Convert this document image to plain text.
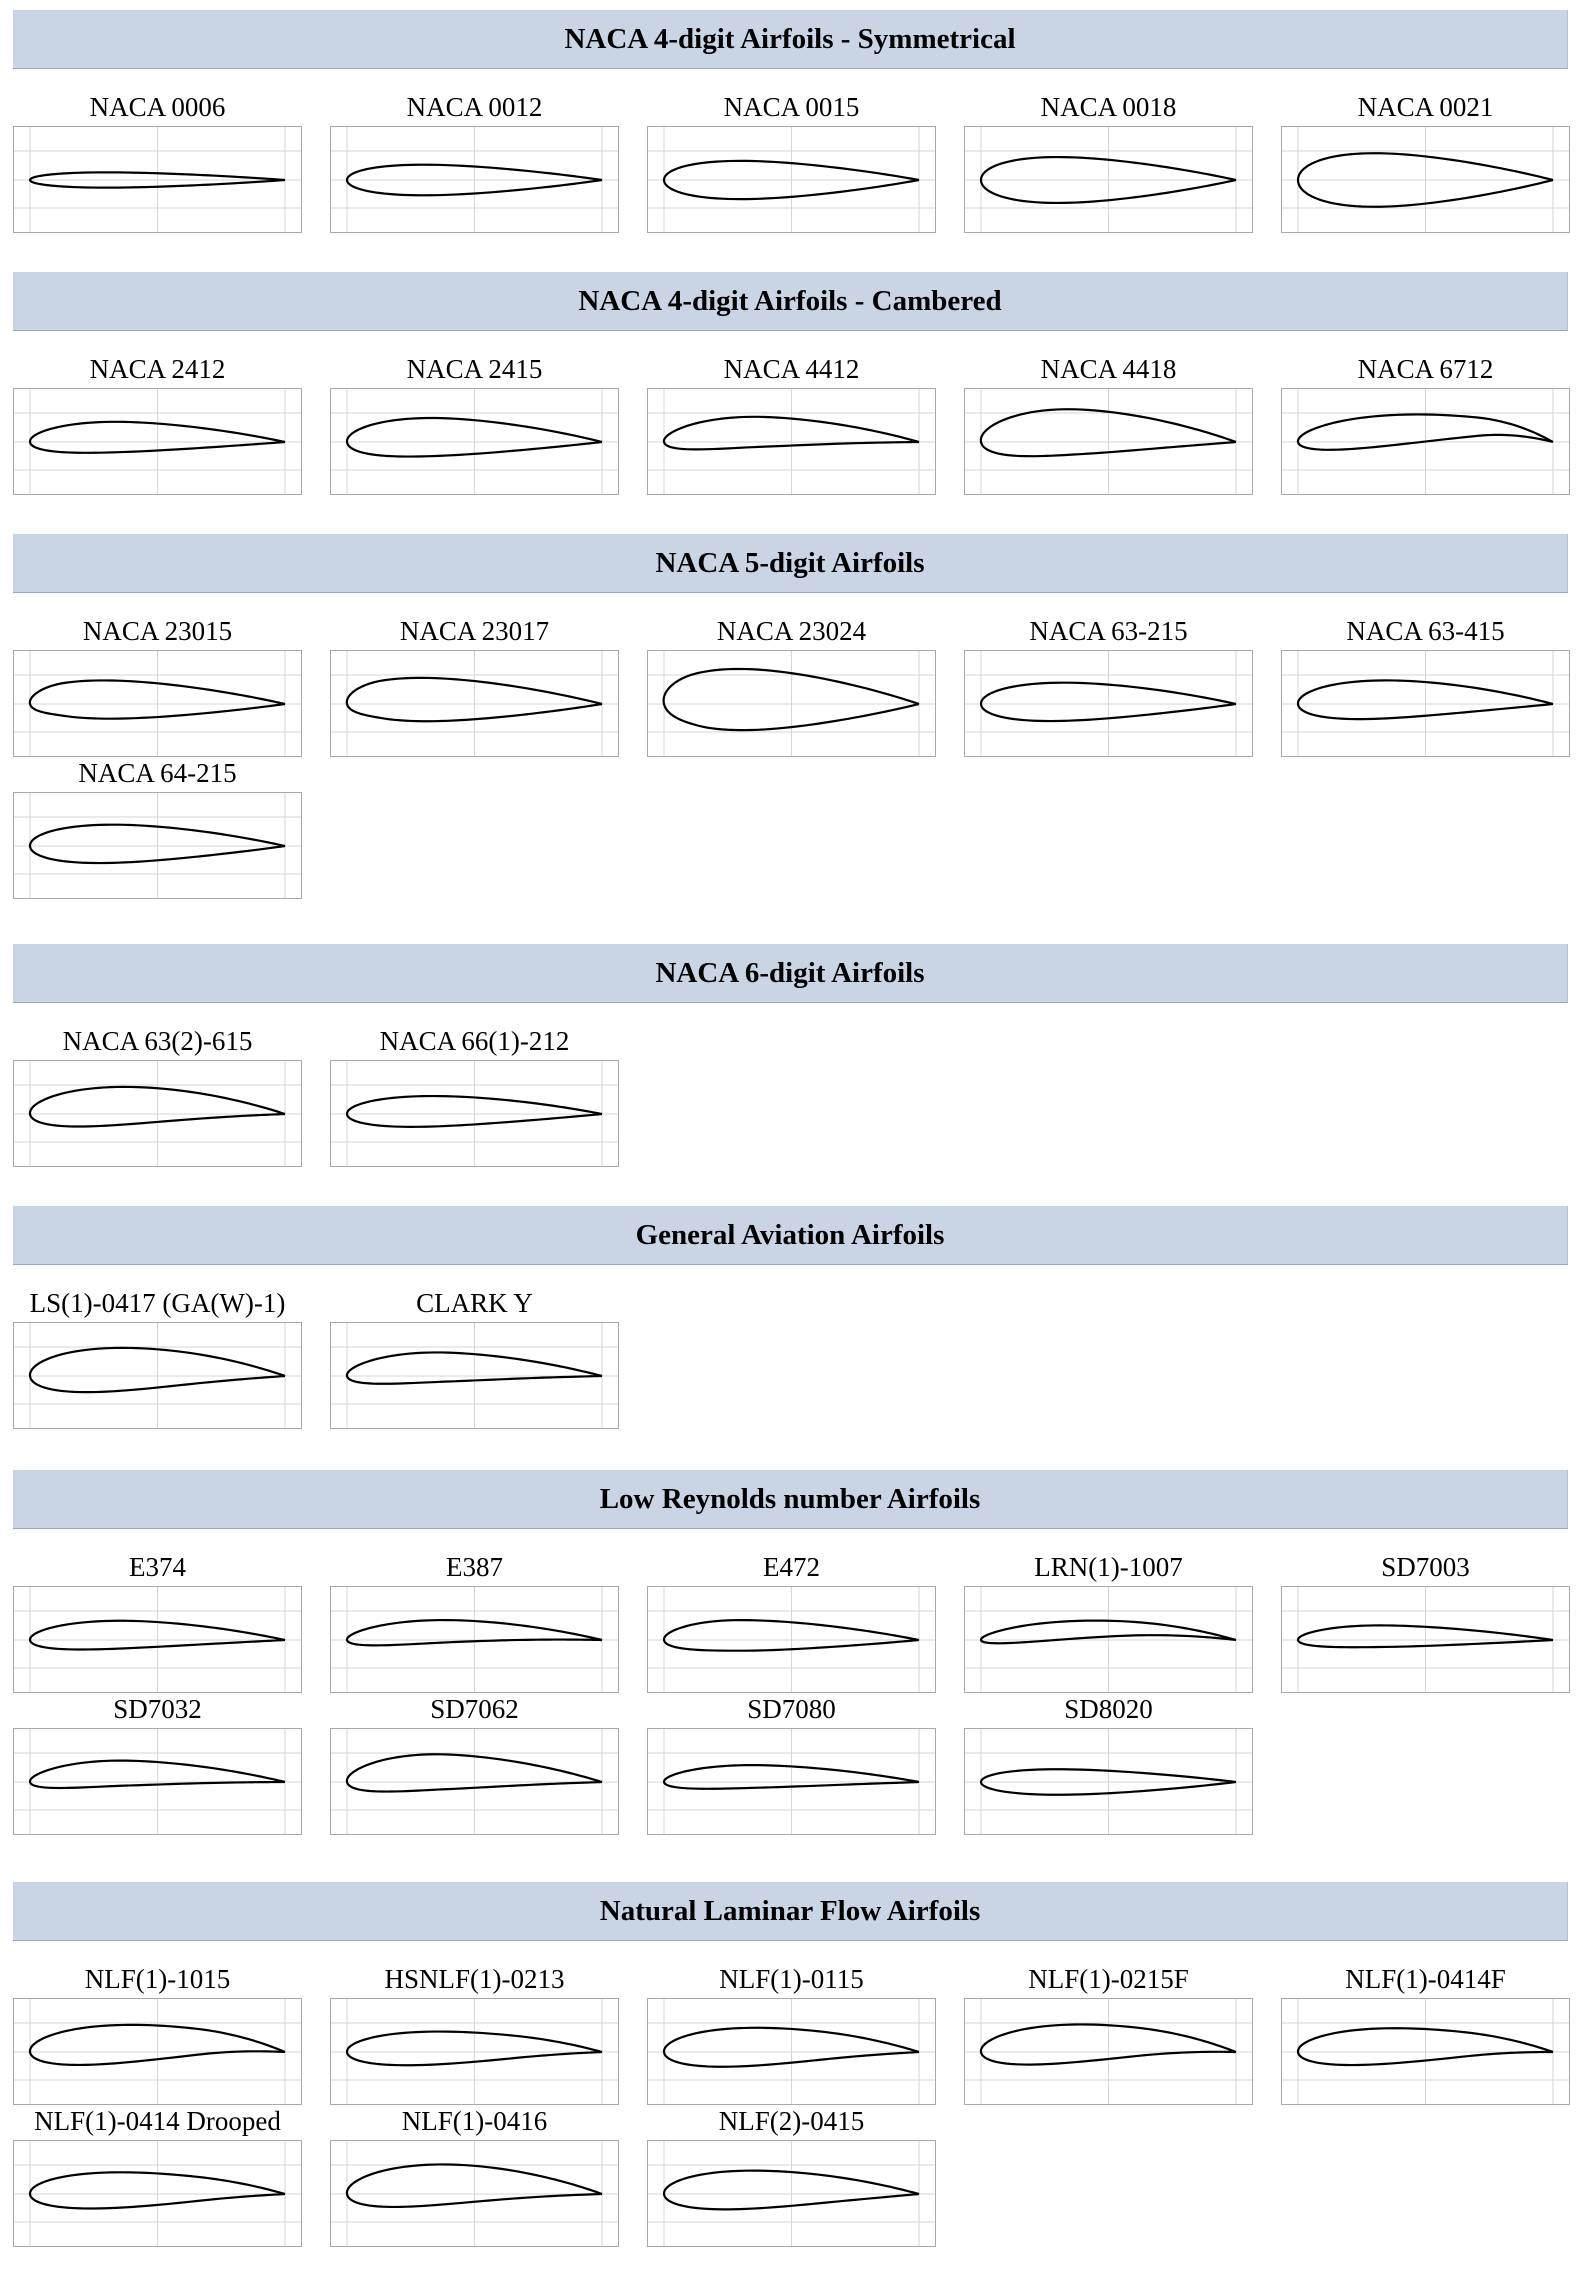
NACA 4-digit Airfoils - Symmetrical
NACA 0006	NACA 0012	NACA 0015	NACA 0018	NACA 0021
NACA 4-digit Airfoils - Cambered
NACA 2412	NACA 2415	NACA 4412	NACA 4418	NACA 6712
NACA 5-digit Airfoils
NACA 23015	NACA 23017	NACA 23024	NACA 63-215	NACA 63-415
NACA 64-215
NACA 6-digit Airfoils
NACA 63(2)-615	NACA 66(1)-212
General Aviation Airfoils
LS(1)-0417 (GA(W)-1)	CLARK Y
Low Reynolds number Airfoils
E374	E387	E472	LRN(1)-1007	SD7003
SD7032	SD7062	SD7080	SD8020
Natural Laminar Flow Airfoils
NLF(1)-1015	HSNLF(1)-0213	NLF(1)-0115	NLF(1)-0215F	NLF(1)-0414F
NLF(1)-0414 Drooped	NLF(1)-0416	NLF(2)-0415
